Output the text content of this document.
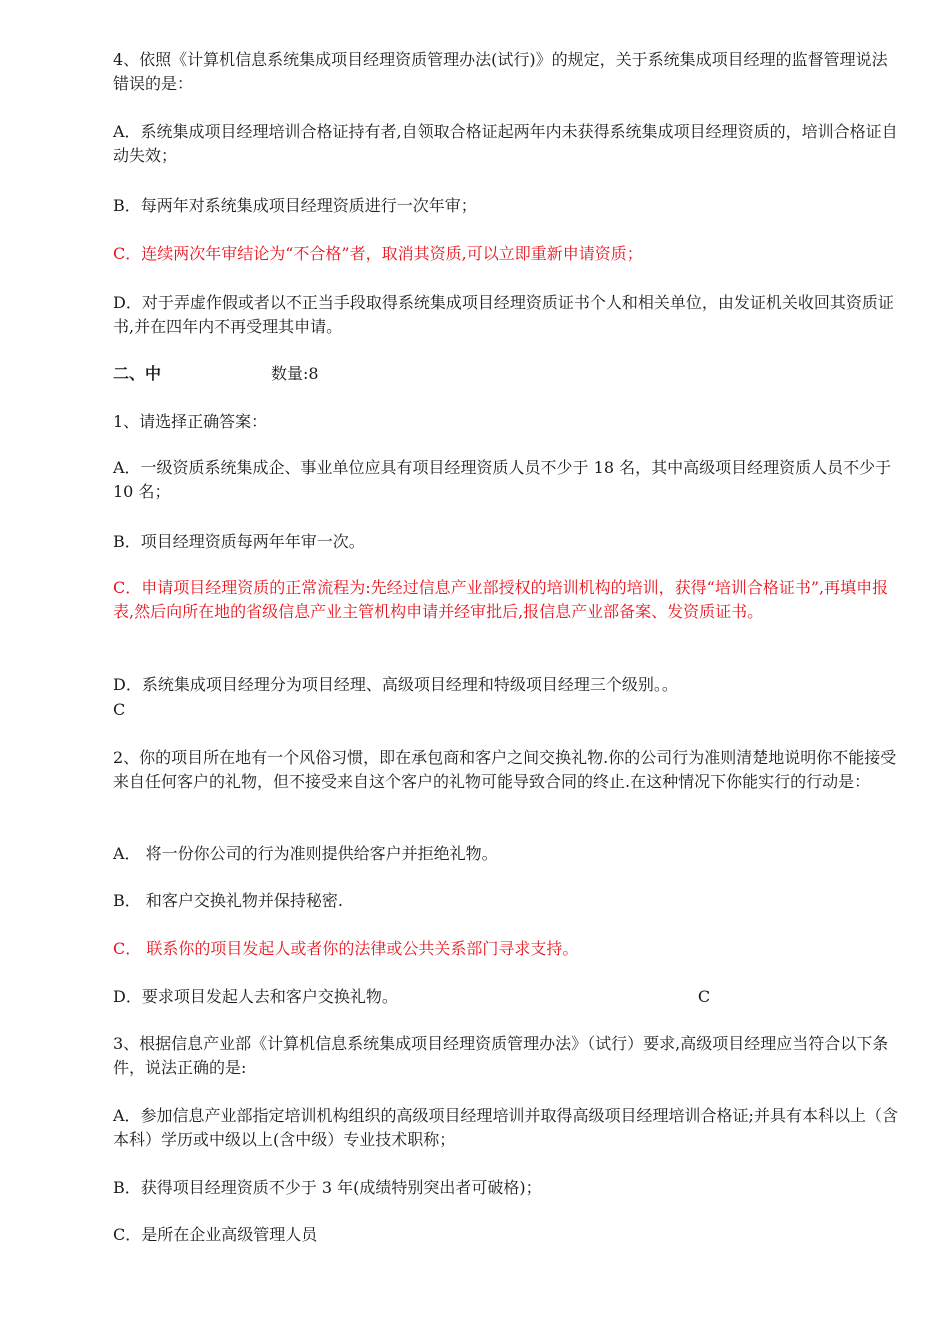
4、依照《计算机信息系统集成项目经理资质管理办法(试行)》的规定，关于系统集成项目经理的监督管理说法错误的是：

A．系统集成项目经理培训合格证持有者,自领取合格证起两年内未获得系统集成项目经理资质的，培训合格证自动失效；

B．每两年对系统集成项目经理资质进行一次年审；

C．连续两次年审结论为“不合格”者，取消其资质,可以立即重新申请资质；

D．对于弄虚作假或者以不正当手段取得系统集成项目经理资质证书个人和相关单位，由发证机关收回其资质证书,并在四年内不再受理其申请。

二、中	数量:8

1、请选择正确答案：

A．一级资质系统集成企、事业单位应具有项目经理资质人员不少于 18 名，其中高级项目经理资质人员不少于 10 名；

B．项目经理资质每两年年审一次。

C．申请项目经理资质的正常流程为:先经过信息产业部授权的培训机构的培训，获得“培训合格证书”,再填申报表,然后向所在地的省级信息产业主管机构申请并经审批后,报信息产业部备案、发资质证书。

D．系统集成项目经理分为项目经理、高级项目经理和特级项目经理三个级别。。

C

2、你的项目所在地有一个风俗习惯，即在承包商和客户之间交换礼物.你的公司行为准则清楚地说明你不能接受来自任何客户的礼物，但不接受来自这个客户的礼物可能导致合同的终止.在这种情况下你能实行的行动是：

A． 将一份你公司的行为准则提供给客户并拒绝礼物。

B． 和客户交换礼物并保持秘密.

C． 联系你的项目发起人或者你的法律或公共关系部门寻求支持。

D．要求项目发起人去和客户交换礼物。	C

3、根据信息产业部《计算机信息系统集成项目经理资质管理办法》（试行）要求,高级项目经理应当符合以下条件，说法正确的是:

A．参加信息产业部指定培训机构组织的高级项目经理培训并取得高级项目经理培训合格证;并具有本科以上（含本科）学历或中级以上(含中级）专业技术职称；

B．获得项目经理资质不少于 3 年(成绩特别突出者可破格)；

C．是所在企业高级管理人员
